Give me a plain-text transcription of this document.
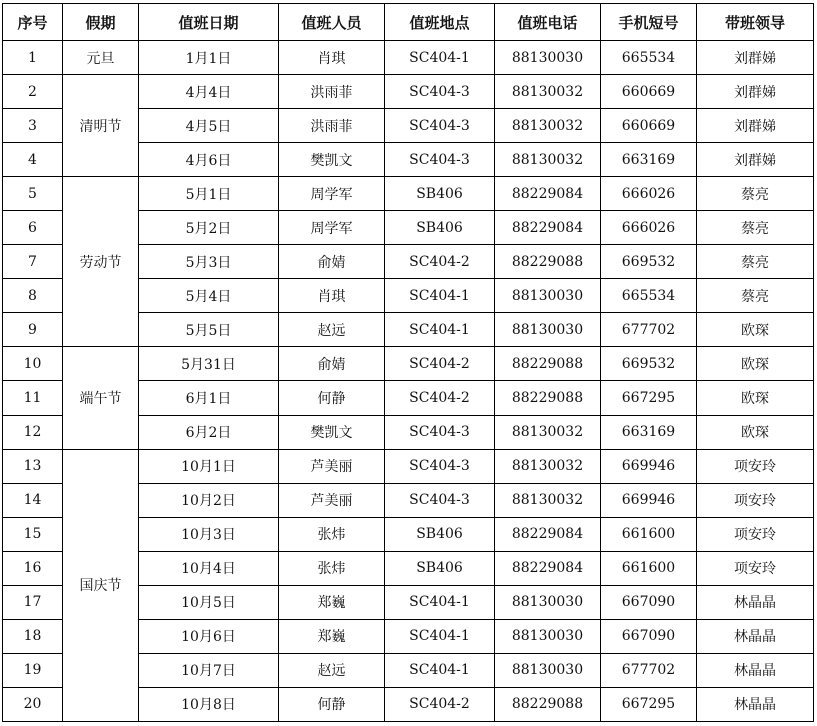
序号	假期	值班日期	值班人员	值班地点	值班电话	手机短号	带班领导
1	元旦	1月1日	肖琪	SC404-1	88130030	665534	刘群娣
2	清明节	4月4日	洪雨菲	SC404-3	88130032	660669	刘群娣
3		4月5日	洪雨菲	SC404-3	88130032	660669	刘群娣
4		4月6日	樊凯文	SC404-3	88130032	663169	刘群娣
5	劳动节	5月1日	周学军	SB406	88229084	666026	蔡亮
6		5月2日	周学军	SB406	88229084	666026	蔡亮
7		5月3日	俞婧	SC404-2	88229088	669532	蔡亮
8		5月4日	肖琪	SC404-1	88130030	665534	蔡亮
9		5月5日	赵远	SC404-1	88130030	677702	欧琛
10	端午节	5月31日	俞婧	SC404-2	88229088	669532	欧琛
11		6月1日	何静	SC404-2	88229088	667295	欧琛
12		6月2日	樊凯文	SC404-3	88130032	663169	欧琛
13	国庆节	10月1日	芦美丽	SC404-3	88130032	669946	项安玲
14		10月2日	芦美丽	SC404-3	88130032	669946	项安玲
15		10月3日	张炜	SB406	88229084	661600	项安玲
16		10月4日	张炜	SB406	88229084	661600	项安玲
17		10月5日	郑巍	SC404-1	88130030	667090	林晶晶
18		10月6日	郑巍	SC404-1	88130030	667090	林晶晶
19		10月7日	赵远	SC404-1	88130030	677702	林晶晶
20		10月8日	何静	SC404-2	88229088	667295	林晶晶
